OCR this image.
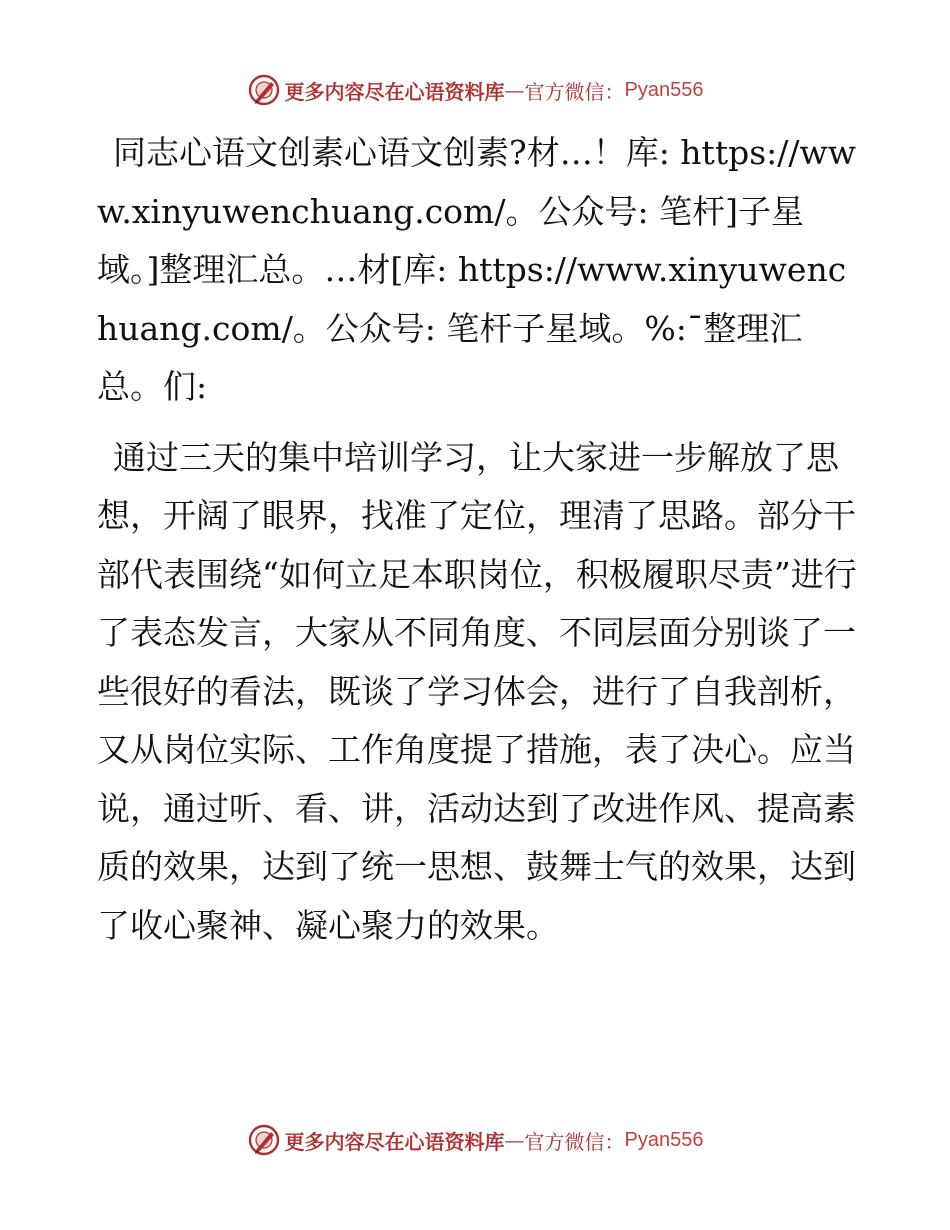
更多内容尽在心语资料库 — 官方微信： Pyan556

同志心语文创素心语文创素?材…！库: https://www.xinyuwenchuang.com/。公众号: 笔杆]子星域。]整理汇总。…材[库: https://www.xinyuwenchuang.com/。公众号: 笔杆子星域。%:¯整理汇总。们:

通过三天的集中培训学习，让大家进一步解放了思想，开阔了眼界，找准了定位，理清了思路。部分干部代表围绕“如何立足本职岗位，积极履职尽责”进行了表态发言，大家从不同角度、不同层面分别谈了一些很好的看法，既谈了学习体会，进行了自我剖析，又从岗位实际、工作角度提了措施，表了决心。应当说，通过听、看、讲，活动达到了改进作风、提高素质的效果，达到了统一思想、鼓舞士气的效果，达到了收心聚神、凝心聚力的效果。

更多内容尽在心语资料库 — 官方微信： Pyan556
